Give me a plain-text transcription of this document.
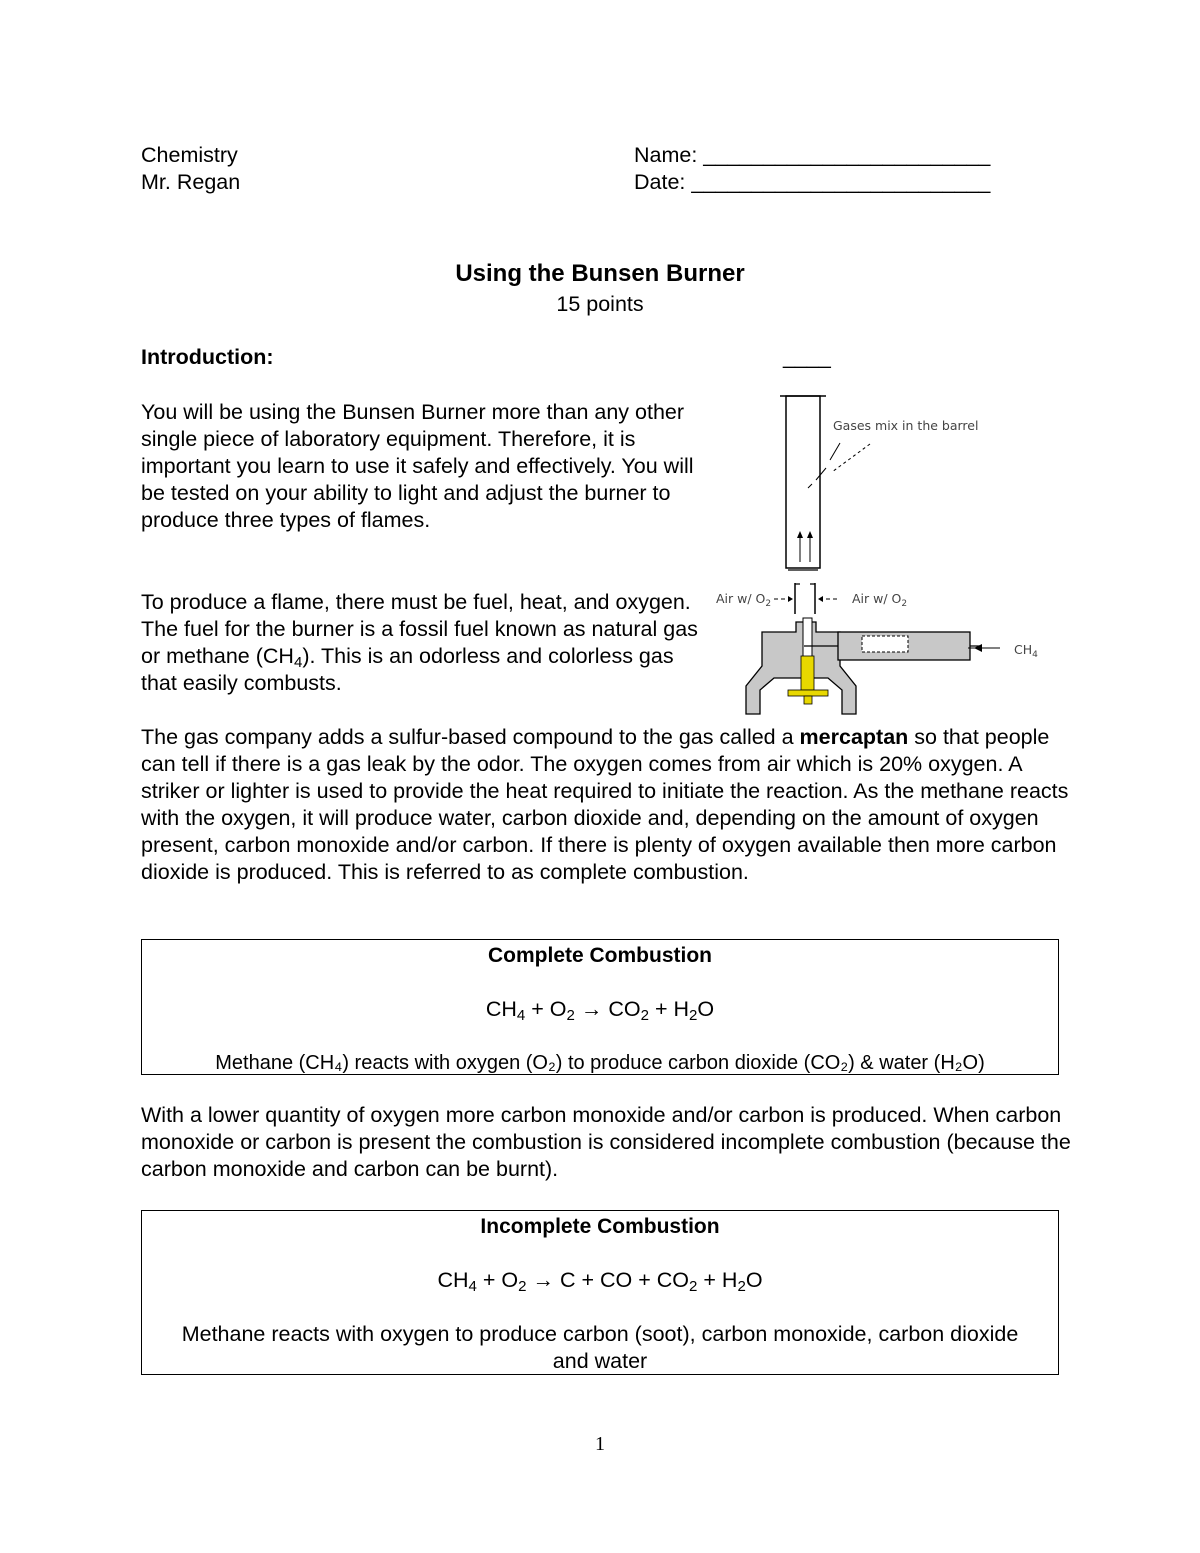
Chemistry
Mr. Regan
Name: ________________________
Date: _________________________
Using the Bunsen Burner
15 points
Introduction:	____
You will be using the Bunsen Burner more than any other single piece of laboratory equipment. Therefore, it is important you learn to use it safely and effectively. You will be tested on your ability to light and adjust the burner to produce three types of flames.
To produce a flame, there must be fuel, heat, and oxygen. The fuel for the burner is a fossil fuel known as natural gas or methane $(CH_4)$. This is an odorless and colorless gas that easily combusts.
Gases mix in the barrel
Air w/ $O_2$	Air w/ $O_2$
$CH_4$
The gas company adds a sulfur-based compound to the gas called a mercaptan so that people can tell if there is a gas leak by the odor. The oxygen comes from air which is 20% oxygen. A striker or lighter is used to provide the heat required to initiate the reaction. As the methane reacts with the oxygen, it will produce water, carbon dioxide and, depending on the amount of oxygen present, carbon monoxide and/or carbon. If there is plenty of oxygen available then more carbon dioxide is produced. This is referred to as complete combustion.
Complete Combustion
$CH_4 + O_2 \to CO_2 + H_2O$
Methane (CH₄) reacts with oxygen (O₂) to produce carbon dioxide (CO₂) & water (H₂O)
With a lower quantity of oxygen more carbon monoxide and/or carbon is produced. When carbon monoxide or carbon is present the combustion is considered incomplete combustion (because the carbon monoxide and carbon can be burnt).
Incomplete Combustion
$CH_4 + O_2 \to C$ + CO + $CO_2 + H_2O$
Methane reacts with oxygen to produce carbon (soot), carbon monoxide, carbon dioxide and water
1
